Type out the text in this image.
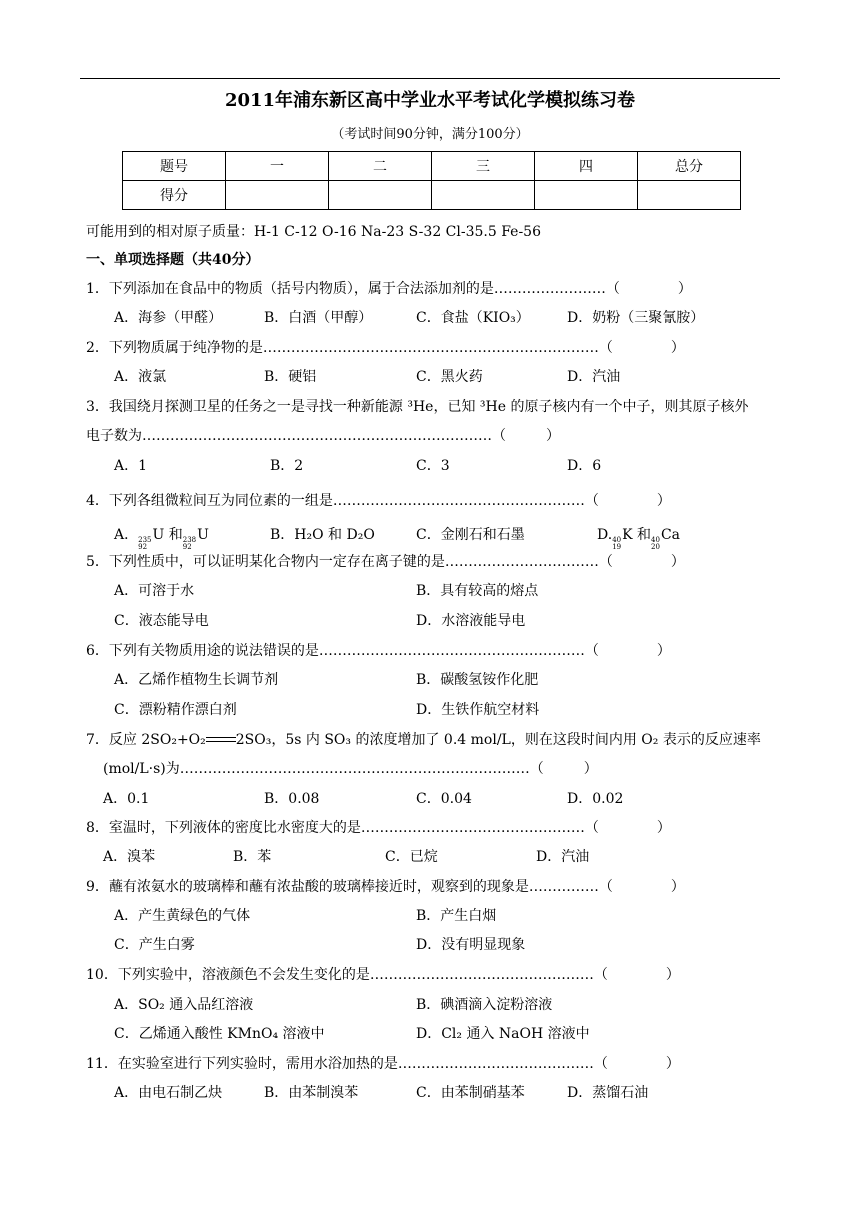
2011年浦东新区高中学业水平考试化学模拟练习卷
（考试时间90分钟，满分100分）
题号	一	二	三	四	总分
得分					
可能用到的相对原子质量：H-1 C-12 O-16 Na-23 S-32 Cl-35.5 Fe-56
一、单项选择题（共40分）
1．下列添加在食品中的物质（括号内物质），属于合法添加剂的是……………………（	）
A．海参（甲醛）	B．白酒（甲醇）	C．食盐（KIO₃）	D．奶粉（三聚氰胺）
2．下列物质属于纯净物的是………………………………………………………………（	）
A．液氯	B．硬铝	C．黑火药	D．汽油
3．我国绕月探测卫星的任务之一是寻找一种新能源 ³He，已知 ³He 的原子核内有一个中子，则其原子核外
电子数为…………………………………………………………………（	）
A．1	B．2	C．3	D．6
4．下列各组微粒间互为同位素的一组是………………………………………………（	）
A． 235
92
U 和 238
92
U	B．H₂O 和 D₂O	C．金刚石和石墨	D. 40
19
K 和 40
20
Ca
5．下列性质中，可以证明某化合物内一定存在离子键的是……………………………（	）
A．可溶于水	B．具有较高的熔点
C．液态能导电	D．水溶液能导电
6．下列有关物质用途的说法错误的是…………………………………………………（	）
A．乙烯作植物生长调节剂	B．碳酸氢铵作化肥
C．漂粉精作漂白剂	D．生铁作航空材料
7．反应 2SO₂+O₂ 2SO₃，5s 内 SO₃ 的浓度增加了 0.4 mol/L，则在这段时间内用 O₂ 表示的反应速率
(mol/L·s)为…………………………………………………………………（	）
A．0.1	B．0.08	C．0.04	D．0.02
8．室温时，下列液体的密度比水密度大的是…………………………………………（	）
A．溴苯	B．苯	C．已烷	D．汽油
9．蘸有浓氨水的玻璃棒和蘸有浓盐酸的玻璃棒接近时，观察到的现象是……………（	）
A．产生黄绿色的气体	B．产生白烟
C．产生白雾	D．没有明显现象
10．下列实验中，溶液颜色不会发生变化的是…………………………………………（	）
A．SO₂ 通入品红溶液	B．碘酒滴入淀粉溶液
C．乙烯通入酸性 KMnO₄ 溶液中	D．Cl₂ 通入 NaOH 溶液中
11．在实验室进行下列实验时，需用水浴加热的是……………………………………（	）
A．由电石制乙炔	B．由苯制溴苯	C．由苯制硝基苯	D．蒸馏石油
